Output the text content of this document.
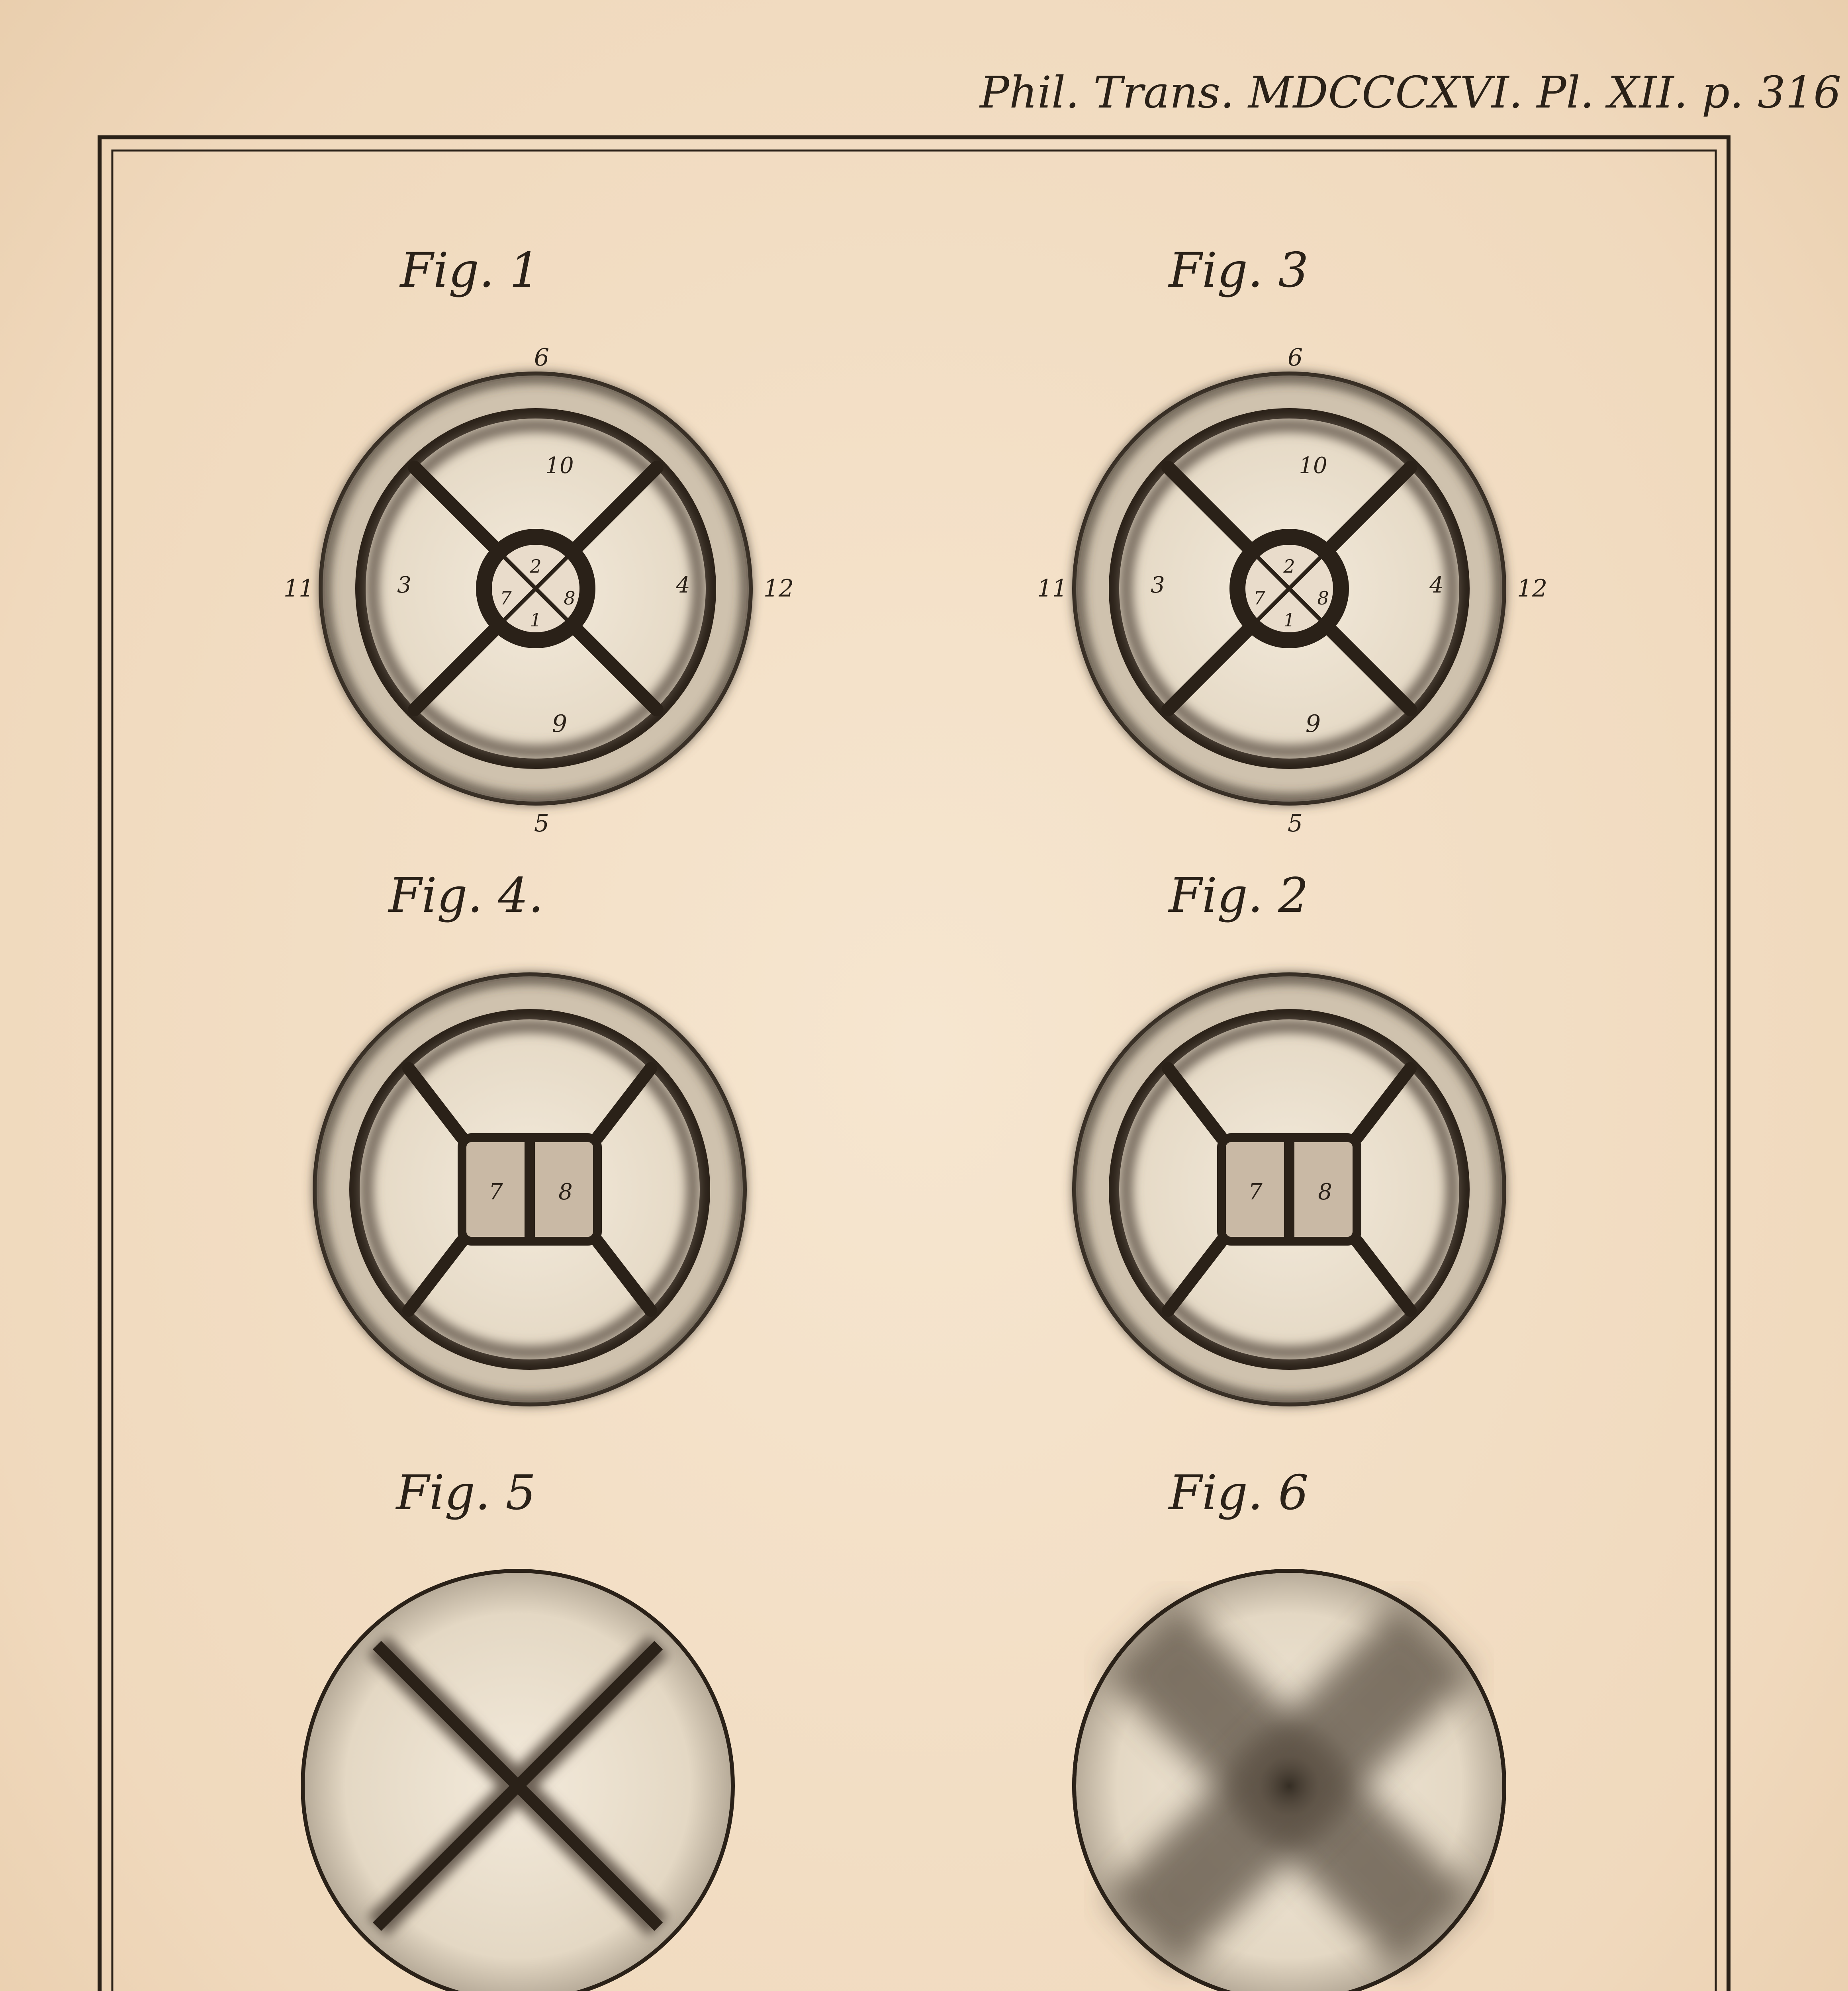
Phil. Trans. MDCCCXVI. Pl. XII. p. 316
Fig. 1
6
5
11	12
10
9
3	4
2
1
7	8
Fig. 3
6
5
11	12
10
9
3	4
2
1
7	8
Fig. 4.
7 8
Fig. 2
7 8
Fig. 5	Fig. 6
